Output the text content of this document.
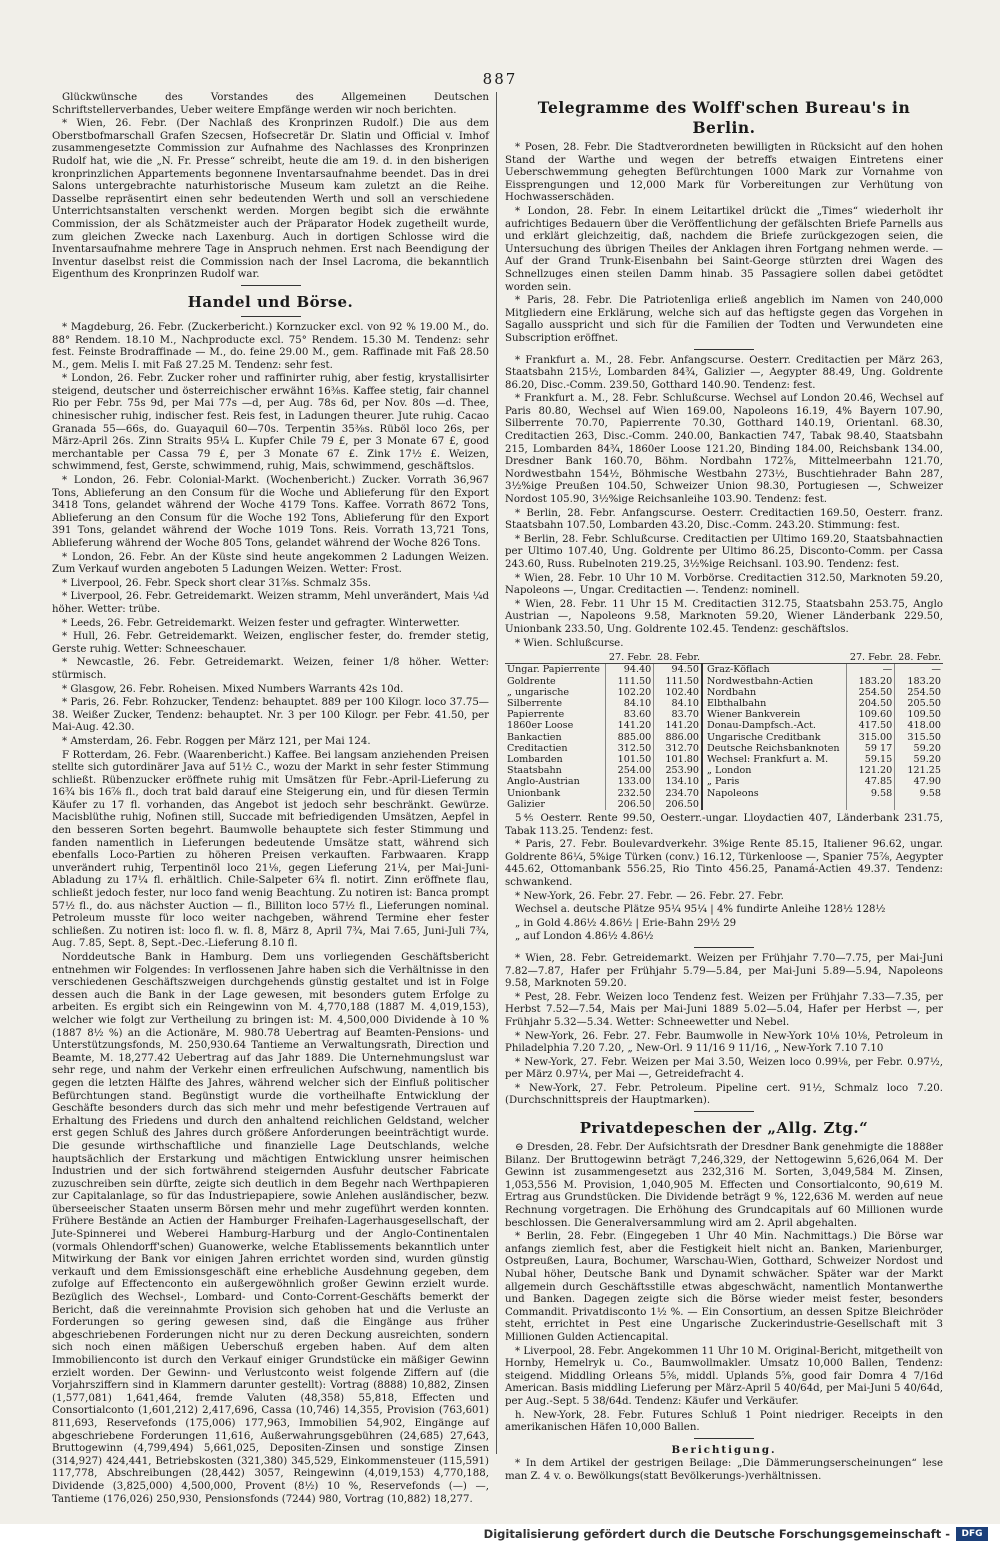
887

Glückwünsche des Vorstandes des Allgemeinen Deutschen Schriftstellerverbandes, Ueber weitere Empfänge werden wir noch berichten.

* Wien, 26. Febr. (Der Nachlaß des Kronprinzen Rudolf.) Die aus dem Oberstbofmarschall Grafen Szecsen, Hofsecretär Dr. Slatin und Official v. Imhof zusammengesetzte Commission zur Aufnahme des Nachlasses des Kronprinzen Rudolf hat, wie die „N. Fr. Presse“ schreibt, heute die am 19. d. in den bisherigen kronprinzlichen Appartements begonnene Inventarsaufnahme beendet. Das in drei Salons untergebrachte naturhistorische Museum kam zuletzt an die Reihe. Dasselbe repräsentirt einen sehr bedeutenden Werth und soll an verschiedene Unterrichtsanstalten verschenkt werden. Morgen begibt sich die erwähnte Commission, der als Schätzmeister auch der Präparator Hodek zugetheilt wurde, zum gleichen Zwecke nach Laxenburg. Auch in dortigen Schlosse wird die Inventarsaufnahme mehrere Tage in Anspruch nehmen. Erst nach Beendigung der Inventur daselbst reist die Commission nach der Insel Lacroma, die bekanntlich Eigenthum des Kronprinzen Rudolf war.

Handel und Börse.

* Magdeburg, 26. Febr. (Zuckerbericht.) Kornzucker excl. von 92 % 19.00 M., do. 88° Rendem. 18.10 M., Nachproducte excl. 75° Rendem. 15.30 M. Tendenz: sehr fest. Feinste Brodraffinade — M., do. feine 29.00 M., gem. Raffinade mit Faß 28.50 M., gem. Melis I. mit Faß 27.25 M. Tendenz: sehr fest.

* London, 26. Febr. Zucker roher und raffinirter ruhig, aber festig, krystallisirter steigend, deutscher und österreichischer erwähnt 16⅜s. Kaffee stetig, fair channel Rio per Febr. 75s 9d, per Mai 77s —d, per Aug. 78s 6d, per Nov. 80s —d. Thee, chinesischer ruhig, indischer fest. Reis fest, in Ladungen theurer. Jute ruhig. Cacao Granada 55—66s, do. Guayaquil 60—70s. Terpentin 35⅜s. Rüböl loco 26s, per März-April 26s. Zinn Straits 95¼ L. Kupfer Chile 79 £, per 3 Monate 67 £, good merchantable per Cassa 79 £, per 3 Monate 67 £. Zink 17½ £. Weizen, schwimmend, fest, Gerste, schwimmend, ruhig, Mais, schwimmend, geschäftslos.

* London, 26. Febr. Colonial-Markt. (Wochenbericht.) Zucker. Vorrath 36,967 Tons, Ablieferung an den Consum für die Woche und Ablieferung für den Export 3418 Tons, gelandet während der Woche 4179 Tons. Kaffee. Vorrath 8672 Tons, Ablieferung an den Consum für die Woche 192 Tons, Ablieferung für den Export 391 Tons, gelandet während der Woche 1019 Tons. Reis. Vorrath 13,721 Tons, Ablieferung während der Woche 805 Tons, gelandet während der Woche 826 Tons.

* London, 26. Febr. An der Küste sind heute angekommen 2 Ladungen Weizen. Zum Verkauf wurden angeboten 5 Ladungen Weizen. Wetter: Frost.

* Liverpool, 26. Febr. Speck short clear 31⅞s. Schmalz 35s.

* Liverpool, 26. Febr. Getreidemarkt. Weizen stramm, Mehl unverändert, Mais ¼d höher. Wetter: trübe.

* Leeds, 26. Febr. Getreidemarkt. Weizen fester und gefragter. Winterwetter.

* Hull, 26. Febr. Getreidemarkt. Weizen, englischer fester, do. fremder stetig, Gerste ruhig. Wetter: Schneeschauer.

* Newcastle, 26. Febr. Getreidemarkt. Weizen, feiner 1/8 höher. Wetter: stürmisch.

* Glasgow, 26. Febr. Roheisen. Mixed Numbers Warrants 42s 10d.

* Paris, 26. Febr. Rohzucker, Tendenz: behauptet. 889 per 100 Kilogr. loco 37.75—38. Weißer Zucker, Tendenz: behauptet. Nr. 3 per 100 Kilogr. per Febr. 41.50, per Mai-Aug. 42.30.

* Amsterdam, 26. Febr. Roggen per März 121, per Mai 124.

F Rotterdam, 26. Febr. (Waarenbericht.) Kaffee. Bei langsam anziehenden Preisen stellte sich gutordinärer Java auf 51½ C., wozu der Markt in sehr fester Stimmung schließt. Rübenzucker eröffnete ruhig mit Umsätzen für Febr.-April-Lieferung zu 16¾ bis 16⅞ fl., doch trat bald darauf eine Steigerung ein, und für diesen Termin Käufer zu 17 fl. vorhanden, das Angebot ist jedoch sehr beschränkt. Gewürze. Macisblüthe ruhig, Nofinen still, Succade mit befriedigenden Umsätzen, Aepfel in den besseren Sorten begehrt. Baumwolle behauptete sich fester Stimmung und fanden namentlich in Lieferungen bedeutende Umsätze statt, während sich ebenfalls Loco-Partien zu höheren Preisen verkauften. Farbwaaren. Krapp unverändert ruhig, Terpentinöl loco 21⅛, gegen Lieferung 21¼, per Mai-Juni-Abladung zu 17¼ fl. erhältlich. Chile-Salpeter 6¾ fl. notirt. Zinn eröffnete flau, schließt jedoch fester, nur loco fand wenig Beachtung. Zu notiren ist: Banca prompt 57½ fl., do. aus nächster Auction — fl., Billiton loco 57½ fl., Lieferungen nominal. Petroleum musste für loco weiter nachgeben, während Termine eher fester schließen. Zu notiren ist: loco fl. w. fl. 8, März 8, April 7¾, Mai 7.65, Juni-Juli 7¾, Aug. 7.85, Sept. 8, Sept.-Dec.-Lieferung 8.10 fl.

Norddeutsche Bank in Hamburg. Dem uns vorliegenden Geschäftsbericht entnehmen wir Folgendes: In verflossenen Jahre haben sich die Verhältnisse in den verschiedenen Geschäftszweigen durchgehends günstig gestaltet und ist in Folge dessen auch die Bank in der Lage gewesen, mit besonders gutem Erfolge zu arbeiten. Es ergibt sich ein Reingewinn von M. 4,770,188 (1887 M. 4,019,153), welcher wie folgt zur Vertheilung zu bringen ist: M. 4,500,000 Dividende à 10 % (1887 8½ %) an die Actionäre, M. 980.78 Uebertrag auf Beamten-Pensions- und Unterstützungsfonds, M. 250,930.64 Tantieme an Verwaltungsrath, Direction und Beamte, M. 18,277.42 Uebertrag auf das Jahr 1889. Die Unternehmungslust war sehr rege, und nahm der Verkehr einen erfreulichen Aufschwung, namentlich bis gegen die letzten Hälfte des Jahres, während welcher sich der Einfluß politischer Befürchtungen stand. Begünstigt wurde die vortheilhafte Entwicklung der Geschäfte besonders durch das sich mehr und mehr befestigende Vertrauen auf Erhaltung des Friedens und durch den anhaltend reichlichen Geldstand, welcher erst gegen Schluß des Jahres durch größere Anforderungen beeinträchtigt wurde. Die gesunde wirthschaftliche und finanzielle Lage Deutschlands, welche hauptsächlich der Erstarkung und mächtigen Entwicklung unsrer heimischen Industrien und der sich fortwährend steigernden Ausfuhr deutscher Fabricate zuzuschreiben sein dürfte, zeigte sich deutlich in dem Begehr nach Werthpapieren zur Capitalanlage, so für das Industriepapiere, sowie Anlehen ausländischer, bezw. überseeischer Staaten unserm Börsen mehr und mehr zugeführt werden konnten. Frühere Bestände an Actien der Hamburger Freihafen-Lagerhausgesellschaft, der Jute-Spinnerei und Weberei Hamburg-Harburg und der Anglo-Continentalen (vormals Ohlendorff'schen) Guanowerke, welche Etablissements bekanntlich unter Mitwirkung der Bank vor einigen Jahren errichtet worden sind, wurden günstig verkauft und dem Emissionsgeschäft eine erhebliche Ausdehnung gegeben, dem zufolge auf Effectenconto ein außergewöhnlich großer Gewinn erzielt wurde. Bezüglich des Wechsel-, Lombard- und Conto-Corrent-Geschäfts bemerkt der Bericht, daß die vereinnahmte Provision sich gehoben hat und die Verluste an Forderungen so gering gewesen sind, daß die Eingänge aus früher abgeschriebenen Forderungen nicht nur zu deren Deckung ausreichten, sondern sich noch einen mäßigen Ueberschuß ergeben haben. Auf dem alten Immobiliencontо ist durch den Verkauf einiger Grundstücke ein mäßiger Gewinn erzielt worden. Der Gewinn- und Verlustconto weist folgende Ziffern auf (die Vorjahrsziffern sind in Klammern darunter gestellt): Vortrag (8888) 10,882, Zinsen (1,577,081) 1,641,464, fremde Valuten (48,358) 55,818, Effecten und Consortialconto (1,601,212) 2,417,696, Cassa (10,746) 14,355, Provision (763,601) 811,693, Reservefonds (175,006) 177,963, Immobilien 54,902, Eingänge auf abgeschriebene Forderungen 11,616, Außerwahrungsgebühren (24,685) 27,643, Bruttogewinn (4,799,494) 5,661,025, Depositen-Zinsen und sonstige Zinsen (314,927) 424,441, Betriebskosten (321,380) 345,529, Einkommensteuer (115,591) 117,778, Abschreibungen (28,442) 3057, Reingewinn (4,019,153) 4,770,188, Dividende (3,825,000) 4,500,000, Provent (8½) 10 %, Reservefonds (—) —, Tantieme (176,026) 250,930, Pensionsfonds (7244) 980, Vortrag (10,882) 18,277.

Telegramme des Wolff'schen Bureau's in Berlin.

* Posen, 28. Febr. Die Stadtverordneten bewilligten in Rücksicht auf den hohen Stand der Warthe und wegen der betreffs etwaigen Eintretens einer Ueberschwemmung gehegten Befürchtungen 1000 Mark zur Vornahme von Eissprengungen und 12,000 Mark für Vorbereitungen zur Verhütung von Hochwasserschäden.

* London, 28. Febr. In einem Leitartikel drückt die „Times“ wiederholt ihr aufrichtiges Bedauern über die Veröffentlichung der gefälschten Briefe Parnells aus und erklärt gleichzeitig, daß, nachdem die Briefe zurückgezogen seien, die Untersuchung des übrigen Theiles der Anklagen ihren Fortgang nehmen werde. — Auf der Grand Trunk-Eisenbahn bei Saint-George stürzten drei Wagen des Schnellzuges einen steilen Damm hinab. 35 Passagiere sollen dabei getödtet worden sein.

* Paris, 28. Febr. Die Patriotenliga erließ angeblich im Namen von 240,000 Mitgliedern eine Erklärung, welche sich auf das heftigste gegen das Vorgehen in Sagallo ausspricht und sich für die Familien der Todten und Verwundeten eine Subscription eröffnet.

* Frankfurt a. M., 28. Febr. Anfangscurse. Oesterr. Creditactien per März 263, Staatsbahn 215½, Lombarden 84¾, Galizier —, Aegypter 88.49, Ung. Goldrente 86.20, Disc.-Comm. 239.50, Gotthard 140.90. Tendenz: fest.

* Frankfurt a. M., 28. Febr. Schlußcurse. Wechsel auf London 20.46, Wechsel auf Paris 80.80, Wechsel auf Wien 169.00, Napoleons 16.19, 4% Bayern 107.90, Silberrente 70.70, Papierrente 70.30, Gotthard 140.19, Orientanl. 68.30, Creditactien 263, Disc.-Comm. 240.00, Bankactien 747, Tabak 98.40, Staatsbahn 215, Lombarden 84¾, 1860er Loose 121.20, Binding 184.00, Reichsbank 134.00, Dresdner Bank 160.70, Böhm. Nordbahn 172⅞, Mittelmeerbahn 121.70, Nordwestbahn 154½, Böhmische Westbahn 273½, Buschtiehrader Bahn 287, 3½%ige Preußen 104.50, Schweizer Union 98.30, Portugiesen —, Schweizer Nordost 105.90, 3½%ige Reichsanleihe 103.90. Tendenz: fest.

* Berlin, 28. Febr. Anfangscurse. Oesterr. Creditactien 169.50, Oesterr. franz. Staatsbahn 107.50, Lombarden 43.20, Disc.-Comm. 243.20. Stimmung: fest.

* Berlin, 28. Febr. Schlußcurse. Creditactien per Ultimo 169.20, Staatsbahnactien per Ultimo 107.40, Ung. Goldrente per Ultimo 86.25, Disconto-Comm. per Cassa 243.60, Russ. Rubelnoten 219.25, 3½%ige Reichsanl. 103.90. Tendenz: fest.

* Wien, 28. Febr. 10 Uhr 10 M. Vorbörse. Creditactien 312.50, Marknoten 59.20, Napoleons —, Ungar. Creditactien —. Tendenz: nominell.

* Wien, 28. Febr. 11 Uhr 15 M. Creditactien 312.75, Staatsbahn 253.75, Anglo Austrian —, Napoleons 9.58, Marknoten 59.20, Wiener Länderbank 229.50, Unionbank 233.50, Ung. Goldrente 102.45. Tendenz: geschäftslos.

* Wien. Schlußcurse.

	27. Febr.	28. Febr.		27. Febr.	28. Febr.
Ungar. Papierrente	94.40	94.50	Graz-Köflach	—	—
Goldrente	111.50	111.50	Nordwestbahn-Actien	183.20	183.20
„ ungarische	102.20	102.40	Nordbahn	254.50	254.50
Silberrente	84.10	84.10	Elbthalbahn	204.50	205.50
Papierrente	83.60	83.70	Wiener Bankverein	109.60	109.50
1860er Loose	141.20	141.20	Donau-Dampfsch.-Act.	417.50	418.00
Bankactien	885.00	886.00	Ungarische Creditbank	315.00	315.50
Creditactien	312.50	312.70	Deutsche Reichsbanknoten	59 17	59.20
Lombarden	101.50	101.80	Wechsel: Frankfurt a. M.	59.15	59.20
Staatsbahn	254.00	253.90	„ London	121.20	121.25
Anglo-Austrian	133.00	134.10	„ Paris	47.85	47.90
Unionbank	232.50	234.70	Napoleons	9.58	9.58
Galizier	206.50	206.50			

5⅘ Oesterr. Rente 99.50, Oesterr.-ungar. Lloydactien 407, Länderbank 231.75, Tabak 113.25. Tendenz: fest.

* Paris, 27. Febr. Boulevardverkehr. 3%ige Rente 85.15, Italiener 96.62, ungar. Goldrente 86¼, 5%ige Türken (conv.) 16.12, Türkenloose —, Spanier 75⅞, Aegypter 445.62, Ottomanbank 556.25, Rio Tinto 456.25, Panamá-Actien 49.37. Tendenz: schwankend.

* New-York, 26. Febr. 27. Febr. — 26. Febr. 27. Febr.

Wechsel a. deutsche Plätze 95¼ 95¼ | 4% fundirte Anleihe 128½ 128½

„ in Gold 4.86½ 4.86½ | Erie-Bahn 29½ 29

„ auf London 4.86½ 4.86½

* Wien, 28. Febr. Getreidemarkt. Weizen per Frühjahr 7.70—7.75, per Mai-Juni 7.82—7.87, Hafer per Frühjahr 5.79—5.84, per Mai-Juni 5.89—5.94, Napoleons 9.58, Marknoten 59.20.

* Pest, 28. Febr. Weizen loco Tendenz fest. Weizen per Frühjahr 7.33—7.35, per Herbst 7.52—7.54, Mais per Mai-Juni 1889 5.02—5.04, Hafer per Herbst —, per Frühjahr 5.32—5.34. Wetter: Schneewetter und Nebel.

* New-York, 26. Febr. 27. Febr. Baumwolle in New-York 10⅛ 10⅛, Petroleum in Philadelphia 7.20 7.20, „ New-Orl. 9 11/16 9 11/16, „ New-York 7.10 7.10

* New-York, 27. Febr. Weizen per Mai 3.50, Weizen loco 0.99⅛, per Febr. 0.97½, per März 0.97¼, per Mai —, Getreidefracht 4.

* New-York, 27. Febr. Petroleum. Pipeline cert. 91½, Schmalz loco 7.20. (Durchschnittspreis der Hauptmarken).

Privatdepeschen der „Allg. Ztg.“

⊖ Dresden, 28. Febr. Der Aufsichtsrath der Dresdner Bank genehmigte die 1888er Bilanz. Der Bruttogewinn beträgt 7,246,329, der Nettogewinn 5,626,064 M. Der Gewinn ist zusammengesetzt aus 232,316 M. Sorten, 3,049,584 M. Zinsen, 1,053,556 M. Provision, 1,040,905 M. Effecten und Consortialconto, 90,619 M. Ertrag aus Grundstücken. Die Dividende beträgt 9 %, 122,636 M. werden auf neue Rechnung vorgetragen. Die Erhöhung des Grundcapitals auf 60 Millionen wurde beschlossen. Die Generalversammlung wird am 2. April abgehalten.

* Berlin, 28. Febr. (Eingegeben 1 Uhr 40 Min. Nachmittags.) Die Börse war anfangs ziemlich fest, aber die Festigkeit hielt nicht an. Banken, Marienburger, Ostpreußen, Laura, Bochumer, Warschau-Wien, Gotthard, Schweizer Nordost und Nubal höher, Deutsche Bank und Dynamit schwächer. Später war der Markt allgemein durch Geschäftsstille etwas abgeschwächt, namentlich Montanwerthe und Banken. Dagegen zeigte sich die Börse wieder meist fester, besonders Commandit. Privatdisconto 1½ %. — Ein Consortium, an dessen Spitze Bleichröder steht, errichtet in Pest eine Ungarische Zuckerindustrie-Gesellschaft mit 3 Millionen Gulden Actiencapital.

* Liverpool, 28. Febr. Angekommen 11 Uhr 10 M. Original-Bericht, mitgetheilt von Hornby, Hemelryk u. Co., Baumwollmakler. Umsatz 10,000 Ballen, Tendenz: steigend. Middling Orleans 5⅝, middl. Uplands 5⅝, good fair Domra 4 7/16d American. Basis middling Lieferung per März-April 5 40/64d, per Mai-Juni 5 40/64d, per Aug.-Sept. 5 38/64d. Tendenz: Käufer und Verkäufer.

h. New-York, 28. Febr. Futures Schluß 1 Point niedriger. Receipts in den amerikanischen Häfen 10,000 Ballen.

Berichtigung.

* In dem Artikel der gestrigen Beilage: „Die Dämmerungserscheinungen“ lese man Z. 4 v. o. Bewölkungs(statt Bevölkerungs-)verhältnissen.

Digitalisierung gefördert durch die Deutsche Forschungsgemeinschaft -	DFG
